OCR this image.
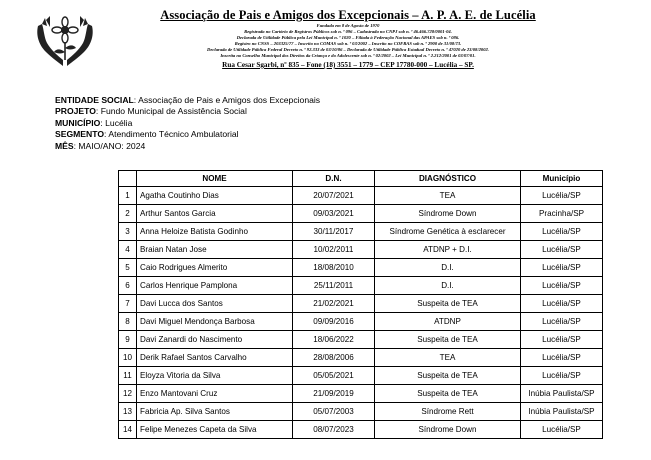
Associação de Pais e Amigos dos Excepcionais – A. P. A. E. de Lucélia
Fundada em 8 de Agosto de 1970
Registrada no Cartório de Registros Públicos sob n. º 096 – Cadastrada no CNPJ sob n. º 46.466.728/0001-04.
Declarada de Utilidade Pública pela Lei Municipal n. º 1020 – Filiada à Federação Nacional das APAES sob n. º 086.
Registro no CNSS – 203325/77 – Inscrito no COMAS sob n. º 03/2002 – Inscrito no COFRAS sob n. º 2900 de 31/08/73.
Declarada de Utilidade Pública Federal Decreto n. º 92.333 de 03/10/86 – Declarada de Utilidade Pública Estadual Decreto n. º 47020 de 23/08/2002.
Inscrita no Conselho Municipal dos Direitos da Criança e do Adolescente sob n. º 02/2002 – Lei Municipal n. º 2.212/2001 de 03/07/01.
Rua Cesar Sgarbi, nº 835 – Fone (18) 3551 – 1779 – CEP 17780-000 – Lucélia – SP.
ENTIDADE SOCIAL: Associação de Pais e Amigos dos Excepcionais
PROJETO: Fundo Municipal de Assistência Social
MUNICÍPIO: Lucélia
SEGMENTO: Atendimento Técnico Ambulatorial
MÊS: MAIO/ANO: 2024
	NOME	D.N.	DIAGNÓSTICO	Município
1	Agatha Coutinho Dias	20/07/2021	TEA	Lucélia/SP
2	Arthur Santos Garcia	09/03/2021	Síndrome Down	Pracinha/SP
3	Anna Heloize Batista Godinho	30/11/2017	Síndrome Genética à esclarecer	Lucélia/SP
4	Braian Natan Jose	10/02/2011	ATDNP + D.I.	Lucélia/SP
5	Caio Rodrigues Almerito	18/08/2010	D.I.	Lucélia/SP
6	Carlos Henrique Pamplona	25/11/2011	D.I.	Lucélia/SP
7	Davi Lucca dos Santos	21/02/2021	Suspeita de TEA	Lucélia/SP
8	Davi Miguel Mendonça Barbosa	09/09/2016	ATDNP	Lucélia/SP
9	Davi Zanardi do Nascimento	18/06/2022	Suspeita de TEA	Lucélia/SP
10	Derik Rafael Santos Carvalho	28/08/2006	TEA	Lucélia/SP
11	Eloyza Vitoria da Silva	05/05/2021	Suspeita de TEA	Lucélia/SP
12	Enzo Mantovani Cruz	21/09/2019	Suspeita de TEA	Inúbia Paulista/SP
13	Fabricia Ap. Silva Santos	05/07/2003	Síndrome Rett	Inúbia Paulista/SP
14	Felipe Menezes Capeta da Silva	08/07/2023	Síndrome Down	Lucélia/SP
